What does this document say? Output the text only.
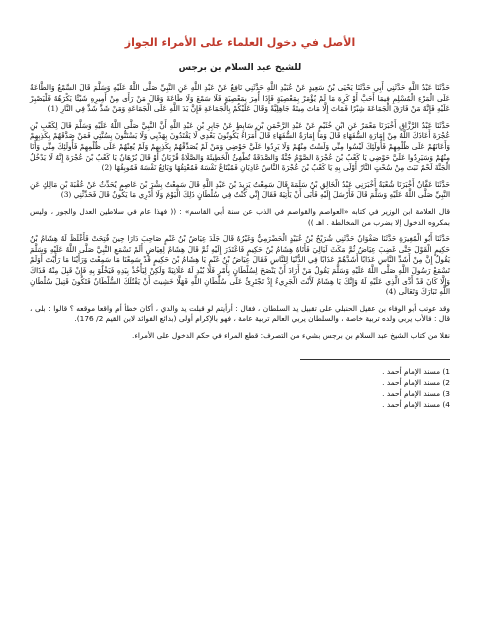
الأصل في دخول العلماء على الأمراء الجواز
للشيخ عبد السلام بن برجس

حَدَّثَنَا عَبْدُ اللَّهِ حَدَّثَنِي أَبِي حَدَّثَنَا يَحْيَى بْنُ سَعِيدٍ عَنْ عُبَيْدِ اللَّهِ حَدَّثَنِي نَافِعٌ عَنْ عَبْدِ اللَّهِ عَنِ النَّبِيِّ صَلَّى اللَّهُ عَلَيْهِ وَسَلَّمَ قَالَ السَّمْعُ وَالطَّاعَةُ عَلَى الْمَرْءِ الْمُسْلِمِ فِيمَا أَحَبَّ أَوْ كَرِهَ مَا لَمْ يُؤْمَرْ بِمَعْصِيَةٍ فَإِذَا أُمِرَ بِمَعْصِيَةٍ فَلَا سَمْعَ وَلَا طَاعَةَ وَقَالَ مَنْ رَأَى مِنْ أَمِيرِهِ شَيْئًا يَكْرَهُهُ فَلْيَصْبِرْ عَلَيْهِ فَإِنَّهُ مَنْ فَارَقَ الْجَمَاعَةَ شِبْرًا فَمَاتَ إِلَّا مَاتَ مِيتَةً جَاهِلِيَّةً وَقَالَ عَلَيْكُمْ بِالْجَمَاعَةِ فَإِنَّ يَدَ اللَّهِ عَلَى الْجَمَاعَةِ وَمَنْ شَذَّ شَذَّ فِي النَّارِ (1)

حَدَّثَنَا عَبْدُ الرَّزَّاقِ أَخْبَرَنَا مَعْمَرٌ عَنِ ابْنِ خُثَيْمٍ عَنْ عَبْدِ الرَّحْمَنِ بْنِ سَابِطٍ عَنْ جَابِرِ بْنِ عَبْدِ اللَّهِ أَنَّ النَّبِيَّ صَلَّى اللَّهُ عَلَيْهِ وَسَلَّمَ قَالَ لِكَعْبِ بْنِ عُجْرَةَ أَعَاذَكَ اللَّهُ مِنْ إِمَارَةِ السُّفَهَاءِ قَالَ وَمَا إِمَارَةُ السُّفَهَاءِ قَالَ أُمَرَاءُ يَكُونُونَ بَعْدِي لَا يَقْتَدُونَ بِهَدْيِي وَلَا يَسْتَنُّونَ بِسُنَّتِي فَمَنْ صَدَّقَهُمْ بِكَذِبِهِمْ وَأَعَانَهُمْ عَلَى ظُلْمِهِمْ فَأُولَئِكَ لَيْسُوا مِنِّي وَلَسْتُ مِنْهُمْ وَلَا يَرِدُوا عَلَيَّ حَوْضِي وَمَنْ لَمْ يُصَدِّقْهُمْ بِكَذِبِهِمْ وَلَمْ يُعِنْهُمْ عَلَى ظُلْمِهِمْ فَأُولَئِكَ مِنِّي وَأَنَا مِنْهُمْ وَسَيَرِدُوا عَلَيَّ حَوْضِي يَا كَعْبُ بْنَ عُجْرَةَ الصَّوْمُ جُنَّةٌ وَالصَّدَقَةُ تُطْفِئُ الْخَطِيئَةَ وَالصَّلَاةُ قُرْبَانٌ أَوْ قَالَ بُرْهَانٌ يَا كَعْبُ بْنَ عُجْرَةَ إِنَّهُ لَا يَدْخُلُ الْجَنَّةَ لَحْمٌ نَبَتَ مِنْ سُحْتٍ النَّارُ أَوْلَى بِهِ يَا كَعْبُ بْنَ عُجْرَةَ النَّاسُ غَادِيَانِ فَمُبْتَاعٌ نَفْسَهُ فَمُعْتِقُهَا وَبَائِعٌ نَفْسَهُ فَمُوبِقُهَا (2)

حَدَّثَنَا عَفَّانُ أَخْبَرَنَا شُعْبَةُ أَخْبَرَنِي عَبْدُ الْخَالِقِ بْنُ سَلَمَةَ قَالَ سَمِعْتُ يَزِيدَ بْنَ عَبْدِ اللَّهِ قَالَ سَمِعْتُ بِشْرَ بْنَ عَاصِمٍ يُحَدِّثُ عَنْ عُقْبَةَ بْنِ مَالِكٍ عَنِ النَّبِيِّ صَلَّى اللَّهُ عَلَيْهِ وَسَلَّمَ قَالَ فَأَرْسَلَ إِلَيْهِ فَأَبَى أَنْ يَأْتِيَهُ فَقَالَ إِنِّي كُنْتُ فِي سُلْطَانٍ ذَلِكَ الْيَوْمَ وَلَا أَدْرِي مَا يَكُونُ قَالَ فَحَدِّثْنِي (3)

قال العلامة ابن الوزير في كتابه «العواصم والقواصم في الذب عن سنة أبي القاسم» : (( فهذا عام في سلاطين العدل والجور ، وليس بمكروه الدخول إلا بضرب من المخالطة . اهـ ))

حَدَّثَنَا أَبُو الْمُغِيرَةِ حَدَّثَنَا صَفْوَانُ حَدَّثَنِي شُرَيْحُ بْنُ عُبَيْدٍ الْحَضْرَمِيُّ وَغَيْرُهُ قَالَ جَلَدَ عِيَاضُ بْنُ غَنْمٍ صَاحِبَ دَارَا حِينَ فُتِحَتْ فَأَغْلَظَ لَهُ هِشَامُ بْنُ حَكِيمٍ الْقَوْلَ حَتَّى غَضِبَ عِيَاضٌ ثُمَّ مَكَثَ لَيَالِيَ فَأَتَاهُ هِشَامُ بْنُ حَكِيمٍ فَاعْتَذَرَ إِلَيْهِ ثُمَّ قَالَ هِشَامٌ لِعِيَاضٍ أَلَمْ تَسْمَعِ النَّبِيَّ صَلَّى اللَّهُ عَلَيْهِ وَسَلَّمَ يَقُولُ إِنَّ مِنْ أَشَدِّ النَّاسِ عَذَابًا أَشَدَّهُمْ عَذَابًا فِي الدُّنْيَا لِلنَّاسِ فَقَالَ عِيَاضُ بْنُ غَنْمٍ يَا هِشَامُ بْنَ حَكِيمٍ قَدْ سَمِعْنَا مَا سَمِعْتَ وَرَأَيْنَا مَا رَأَيْتَ أَوَلَمْ تَسْمَعْ رَسُولَ اللَّهِ صَلَّى اللَّهُ عَلَيْهِ وَسَلَّمَ يَقُولُ مَنْ أَرَادَ أَنْ يَنْصَحَ لِسُلْطَانٍ بِأَمْرٍ فَلَا يُبْدِ لَهُ عَلَانِيَةً وَلَكِنْ لِيَأْخُذْ بِيَدِهِ فَيَخْلُوَ بِهِ فَإِنْ قَبِلَ مِنْهُ فَذَاكَ وَإِلَّا كَانَ قَدْ أَدَّى الَّذِي عَلَيْهِ لَهُ وَإِنَّكَ يَا هِشَامُ لَأَنْتَ الْجَرِيءُ إِذْ تَجْتَرِئُ عَلَى سُلْطَانِ اللَّهِ فَهَلَّا خَشِيتَ أَنْ يَقْتُلَكَ السُّلْطَانُ فَتَكُونَ قَتِيلَ سُلْطَانِ اللَّهِ تَبَارَكَ وَتَعَالَى (4)

وقد عوتب أبو الوفاء بن عقيل الحنبلي على تقبيل يد السلطان ، فقال : أرأيتم لو قبلت يد والدي ، أكان خطأ أم واقعا موقعه ؟ قالوا : بلى ، قال : فالأب يربي ولده تربية خاصة ، والسلطان يربي العالم تربية عامة ، فهو بالإكرام أولى (بدائع الفوائد لابن القيم 2/ 176).

نقلا من كتاب الشيخ عبد السلام بن برجس بشيء من التصرف: قطع المراء في حكم الدخول على الأمراء.

1) مسند الإمام أحمد .
2) مسند الإمام أحمد .
3) مسند الإمام أحمد .
4) مسند الإمام أحمد .
